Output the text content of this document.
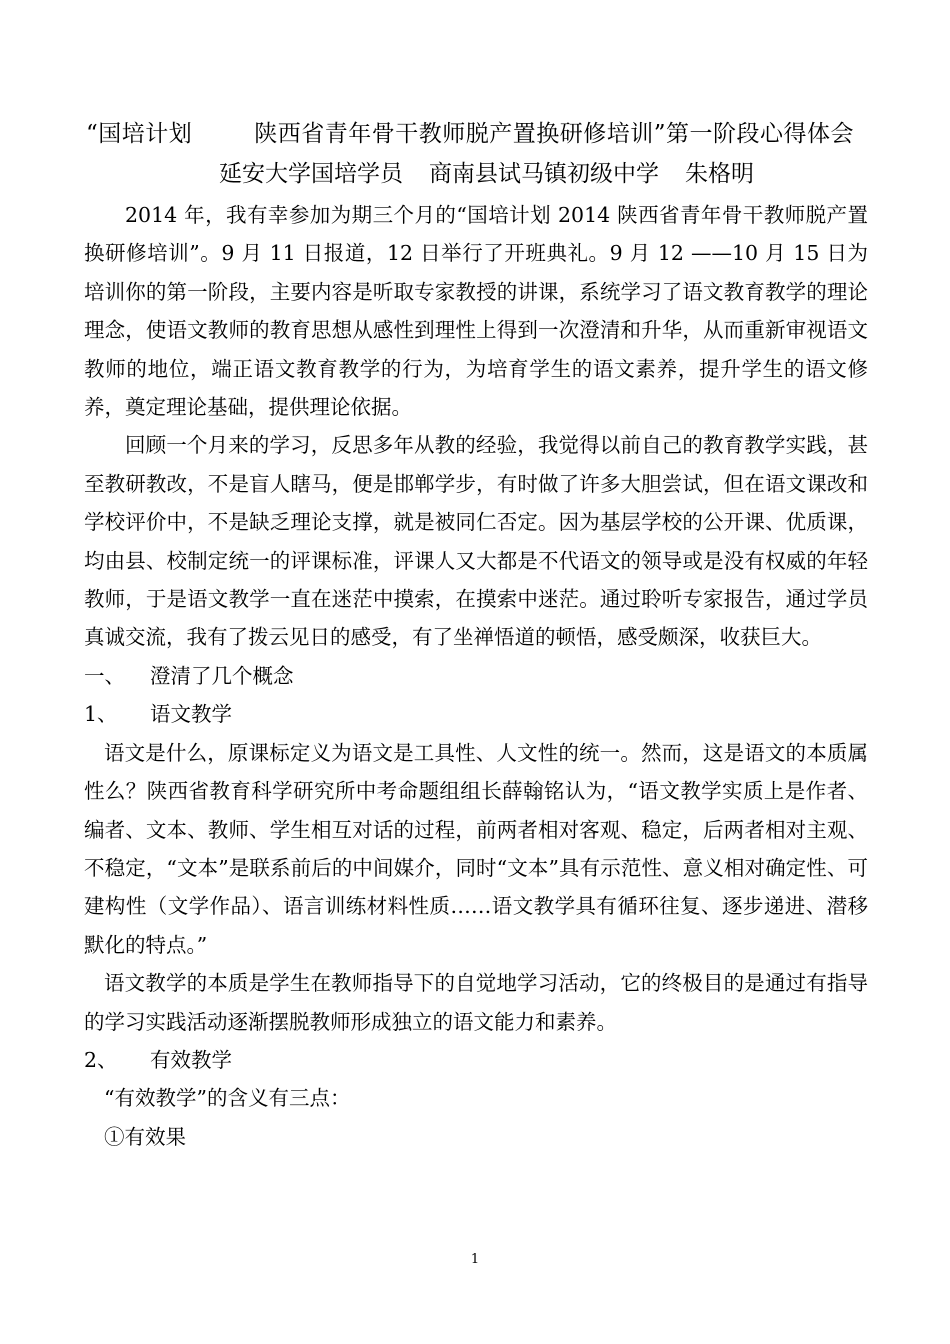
“国培计划	陕西省青年骨干教师脱产置换研修培训”第一阶段心得体会
延安大学国培学员 商南县试马镇初级中学 朱格明

2014 年，我有幸参加为期三个月的“国培计划 2014 陕西省青年骨干教师脱产置换研修培训”。9 月 11 日报道，12 日举行了开班典礼。9 月 12 ——10 月 15 日为培训你的第一阶段，主要内容是听取专家教授的讲课，系统学习了语文教育教学的理论理念，使语文教师的教育思想从感性到理性上得到一次澄清和升华，从而重新审视语文教师的地位，端正语文教育教学的行为，为培育学生的语文素养，提升学生的语文修养，奠定理论基础，提供理论依据。

回顾一个月来的学习，反思多年从教的经验，我觉得以前自己的教育教学实践，甚至教研教改，不是盲人瞎马，便是邯郸学步，有时做了许多大胆尝试，但在语文课改和学校评价中，不是缺乏理论支撑，就是被同仁否定。因为基层学校的公开课、优质课，均由县、校制定统一的评课标准，评课人又大都是不代语文的领导或是没有权威的年轻教师，于是语文教学一直在迷茫中摸索，在摸索中迷茫。通过聆听专家报告，通过学员真诚交流，我有了拨云见日的感受，有了坐禅悟道的顿悟，感受颇深，收获巨大。

一、 澄清了几个概念
1、 语文教学

语文是什么，原课标定义为语文是工具性、人文性的统一。然而，这是语文的本质属性么？陕西省教育科学研究所中考命题组组长薛翰铭认为，“语文教学实质上是作者、编者、文本、教师、学生相互对话的过程，前两者相对客观、稳定，后两者相对主观、不稳定，“文本”是联系前后的中间媒介，同时“文本”具有示范性、意义相对确定性、可建构性（文学作品）、语言训练材料性质……语文教学具有循环往复、逐步递进、潜移默化的特点。”

语文教学的本质是学生在教师指导下的自觉地学习活动，它的终极目的是通过有指导的学习实践活动逐渐摆脱教师形成独立的语文能力和素养。

2、 有效教学
“有效教学”的含义有三点：
①有效果
1
